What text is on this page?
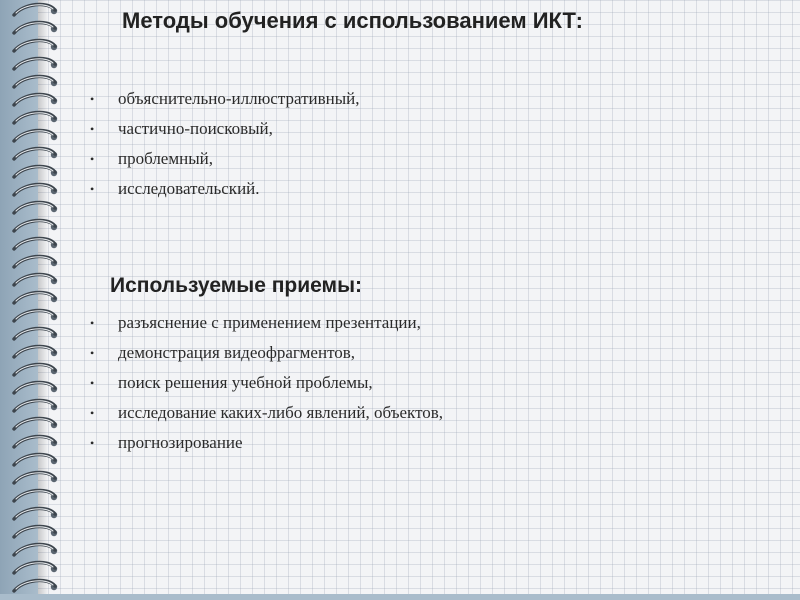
Методы обучения с использованием ИКТ:
• объяснительно-иллюстративный,
• частично-поисковый,
• проблемный,
• исследовательский.
Используемые приемы:
• разъяснение с применением презентации,
• демонстрация видеофрагментов,
• поиск решения учебной проблемы,
• исследование каких-либо явлений, объектов,
• прогнозирование
